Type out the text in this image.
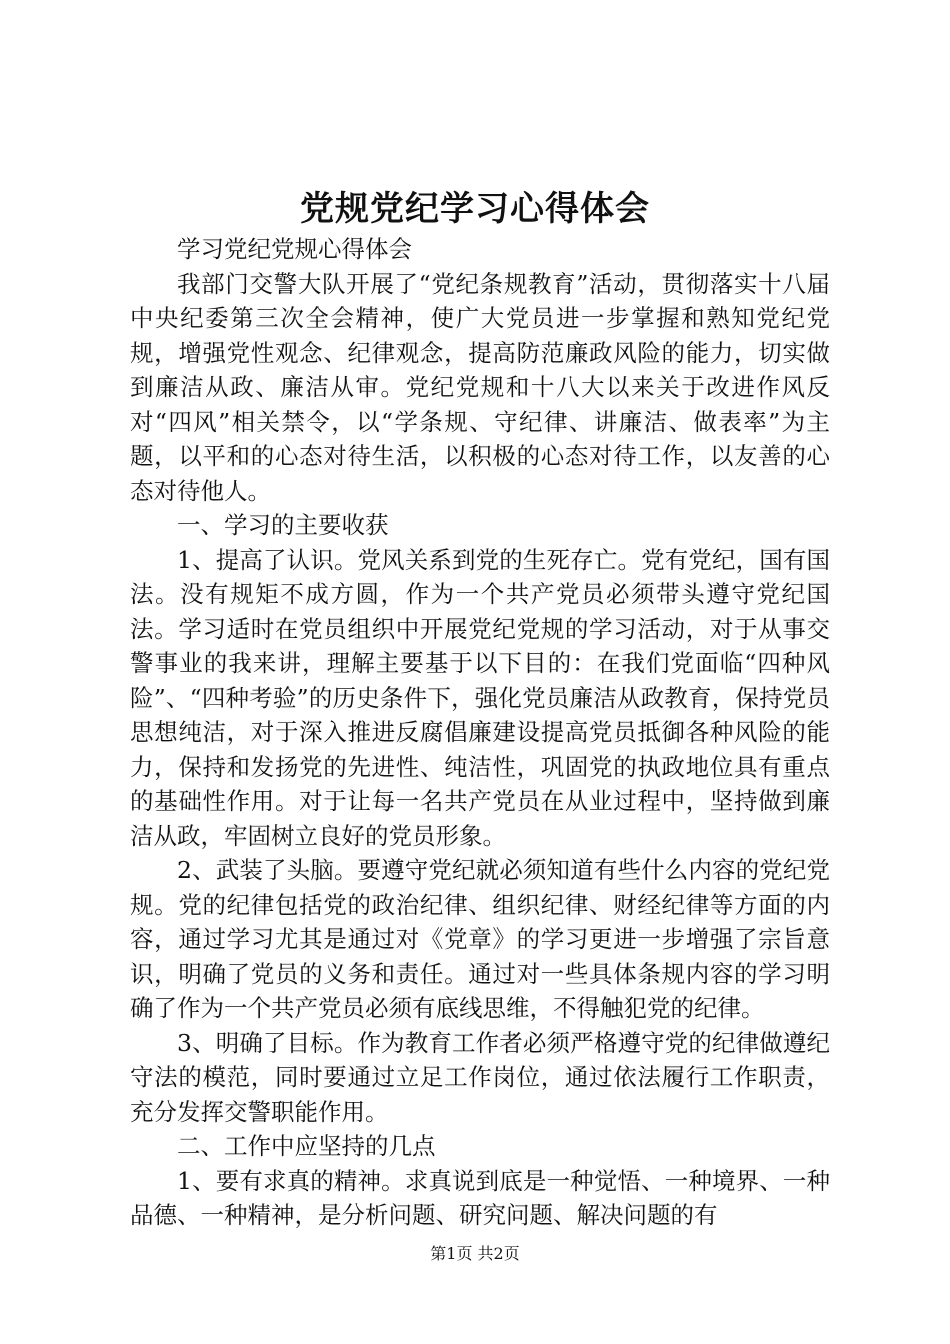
党规党纪学习心得体会

学习党纪党规心得体会

我部门交警大队开展了“党纪条规教育”活动，贯彻落实十八届中央纪委第三次全会精神，使广大党员进一步掌握和熟知党纪党规，增强党性观念、纪律观念，提高防范廉政风险的能力，切实做到廉洁从政、廉洁从审。党纪党规和十八大以来关于改进作风反对“四风”相关禁令，以“学条规、守纪律、讲廉洁、做表率”为主题，以平和的心态对待生活，以积极的心态对待工作，以友善的心态对待他人。

一、学习的主要收获

1、提高了认识。党风关系到党的生死存亡。党有党纪，国有国法。没有规矩不成方圆，作为一个共产党员必须带头遵守党纪国法。学习适时在党员组织中开展党纪党规的学习活动，对于从事交警事业的我来讲，理解主要基于以下目的：在我们党面临“四种风险”、“四种考验”的历史条件下，强化党员廉洁从政教育，保持党员思想纯洁，对于深入推进反腐倡廉建设提高党员抵御各种风险的能力，保持和发扬党的先进性、纯洁性，巩固党的执政地位具有重点的基础性作用。对于让每一名共产党员在从业过程中，坚持做到廉洁从政，牢固树立良好的党员形象。

2、武装了头脑。要遵守党纪就必须知道有些什么内容的党纪党规。党的纪律包括党的政治纪律、组织纪律、财经纪律等方面的内容，通过学习尤其是通过对《党章》的学习更进一步增强了宗旨意识，明确了党员的义务和责任。通过对一些具体条规内容的学习明确了作为一个共产党员必须有底线思维，不得触犯党的纪律。

3、明确了目标。作为教育工作者必须严格遵守党的纪律做遵纪守法的模范，同时要通过立足工作岗位，通过依法履行工作职责，充分发挥交警职能作用。

二、工作中应坚持的几点

1、要有求真的精神。求真说到底是一种觉悟、一种境界、一种品德、一种精神，是分析问题、研究问题、解决问题的有

第1页 共2页
